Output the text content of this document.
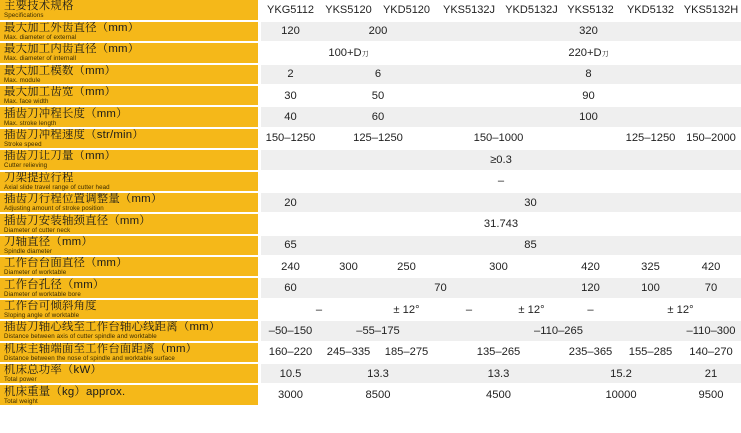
主要技术规格
Specifications	YKG5112	YKS5120	YKD5120	YKS5132J	YKD5132J	YKS5132	YKD5132	YKS5132H

最大加工外齿直径（mm）
Max. diameter of external	120	200		320				

最大加工内齿直径（mm）
Max. diameter of internall	100+D刀			220+D刀				

最大加工模数（mm）
Max. module	2	6		8				

最大加工齿宽（mm）
Max. face width	30	50		90				

插齿刀冲程长度（mm）
Max. stroke length	40	60		100				

插齿刀冲程速度（str/min）
Stroke speed	150–1250	125–1250		150–1000			125–1250	150–2000

插齿刀让刀量（mm）
Cutter relieving	≥0.3							

刀架提拉行程
Axial slide travel range of cutter head	–							

插齿刀行程位置调整量（mm）
Adjusting amount of stroke position	20	30						

插齿刀安装轴颈直径（mm）
Diameter of cutter neck	31.743							

刀轴直径（mm）
Spindle diameter	65	85						

工作台台面直径（mm）
Diameter of worktable	240	300	250	300		420	325	420

工作台孔径（mm）
Diameter of worktable bore	60	70				120	100	70

工作台可倾斜角度
Sloping angle of worktable	–		± 12°	–	± 12°	–	± 12°	

插齿刀轴心线至工作台轴心线距离（mm）
Distance between axis of cutter spindle and worktable	–50–150	–55–175		–110–265				–110–300

机床主轴端面至工作台面距离（mm）
Distance between the nose of spindle and worktable surface	160–220	245–335	185–275	135–265		235–365	155–285	140–270

机床总功率（kW）
Total power	10.5	13.3		13.3		15.2		21

机床重量（kg）approx.
Total weight	3000	8500		4500		10000		9500
